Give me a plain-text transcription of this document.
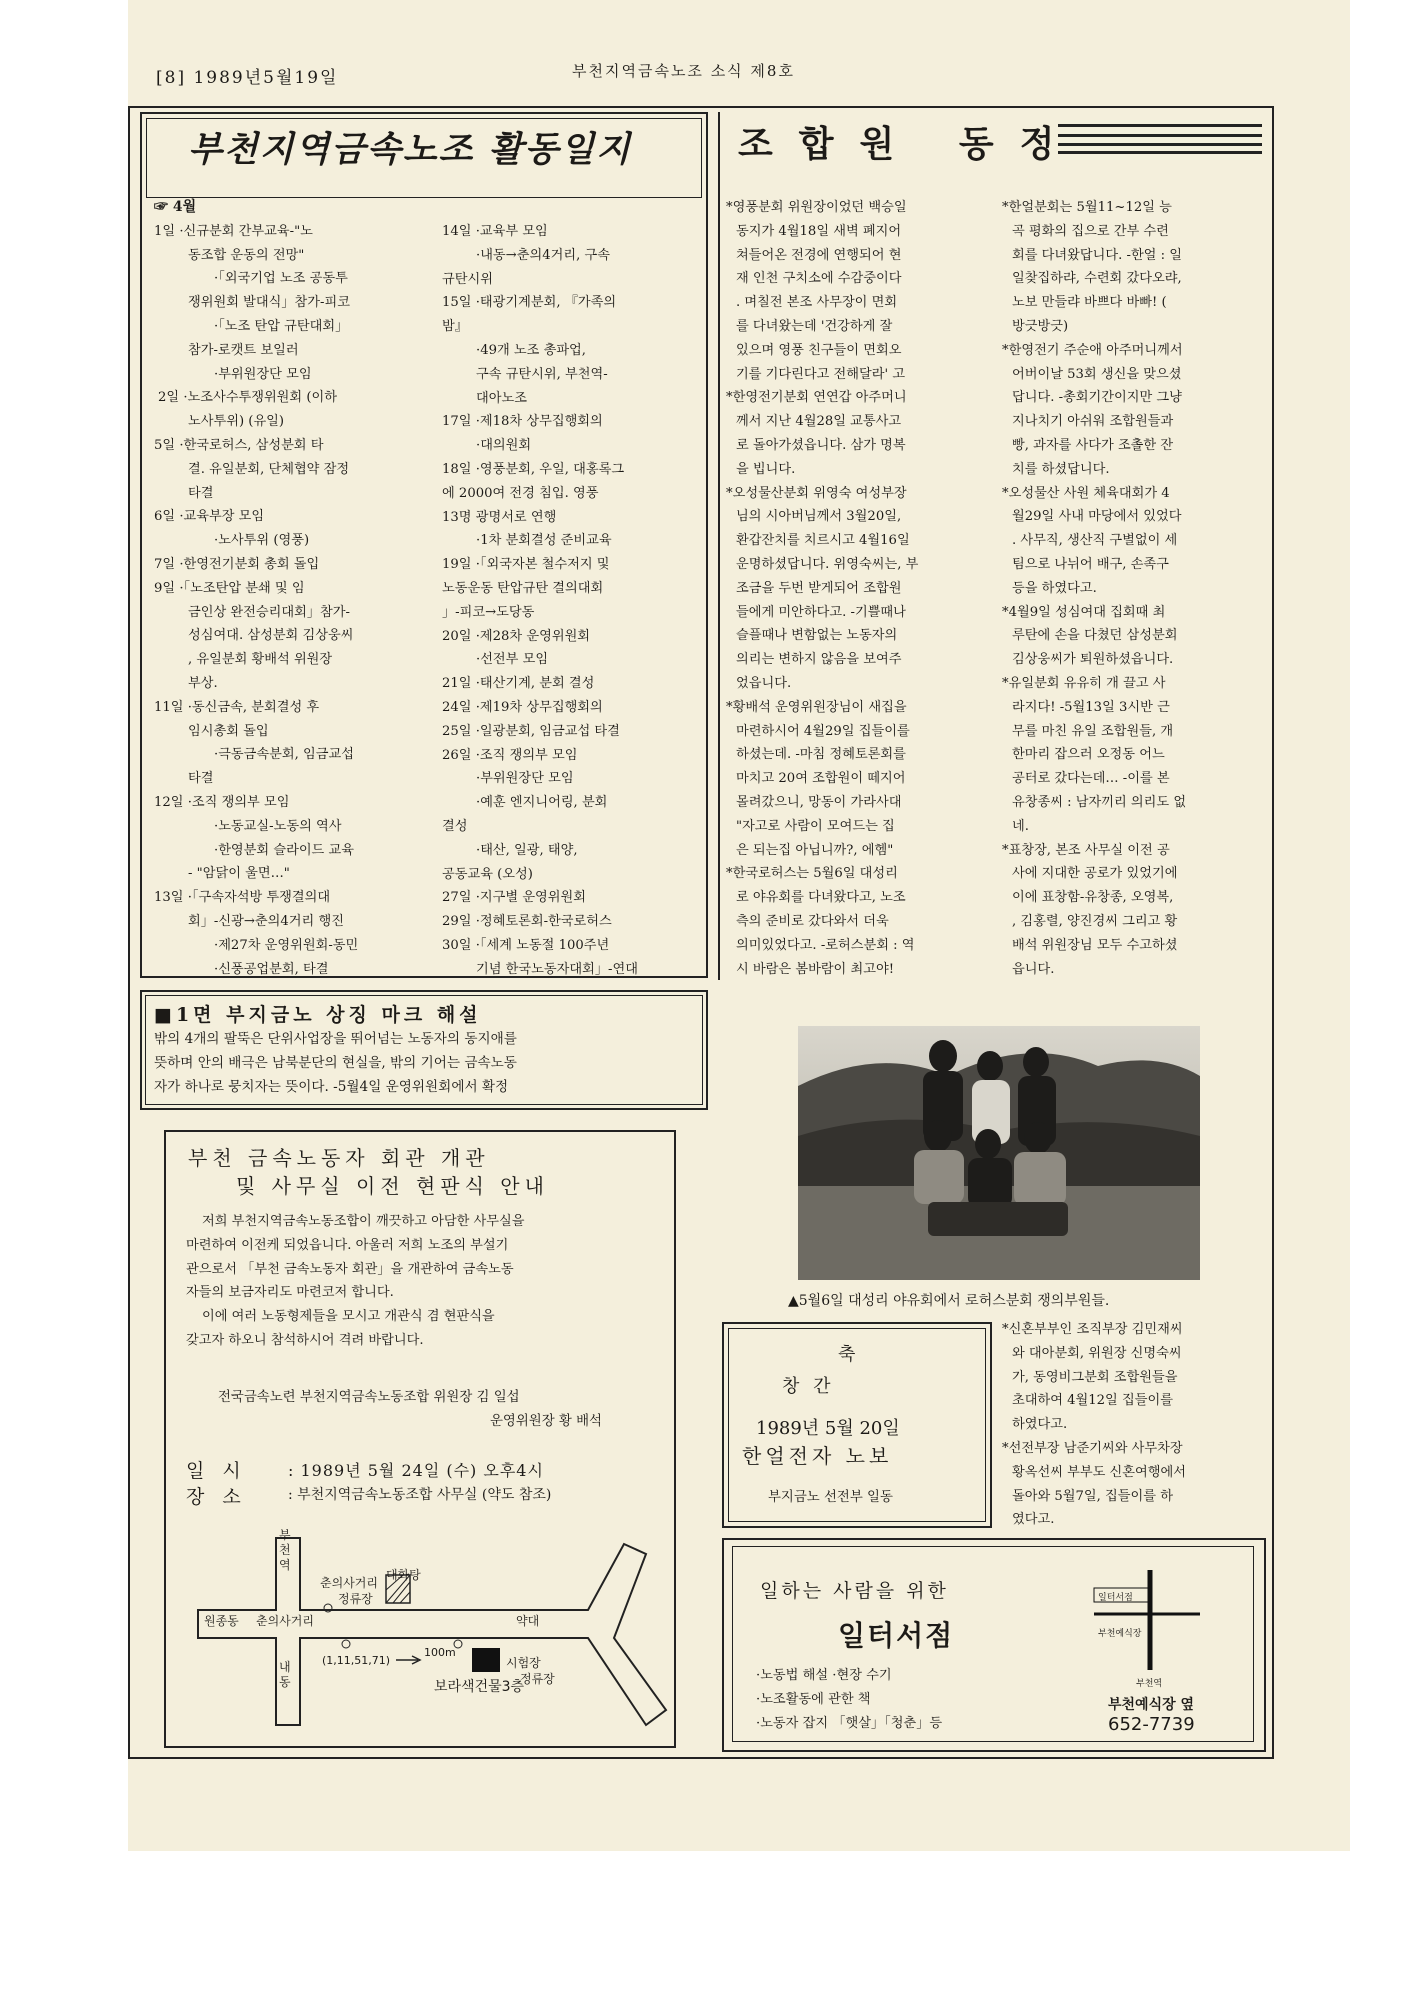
[8] 1989년5월19일	부천지역금속노조 소식 제8호
부천지역금속노조 활동일지
☞ 4월
1일 ·신규분회 간부교육-"노
동조합 운동의 전망"
·「외국기업 노조 공동투
쟁위원회 발대식」참가-피코
·「노조 탄압 규탄대회」
참가-로캣트 보일러
·부위원장단 모임
2일 ·노조사수투쟁위원회 (이하
노사투위) (유일)
5일 ·한국로허스, 삼성분회 타
결. 유일분회, 단체협약 잠정
타결
6일 ·교육부장 모임
·노사투위 (영풍)
7일 ·한영전기분회 총회 돌입
9일 ·「노조탄압 분쇄 및 임
금인상 완전승리대회」참가-
성심여대. 삼성분회 김상웅씨
, 유일분회 황배석 위원장
부상.
11일 ·동신금속, 분회결성 후
임시총회 돌입
·극동금속분회, 임금교섭
타결
12일 ·조직 쟁의부 모임
·노동교실-노동의 역사
·한영분회 슬라이드 교육
- "암닭이 울면…"
13일 ·「구속자석방 투쟁결의대
회」-신광→춘의4거리 행진
·제27차 운영위원회-동민
·신풍공업분회, 타결
14일 ·교육부 모임
·내동→춘의4거리, 구속
규탄시위
15일 ·태광기계분회, 『가족의
밤』
·49개 노조 총파업,
구속 규탄시위, 부천역-
대아노조
17일 ·제18차 상무집행회의
·대의원회
18일 ·영풍분회, 우일, 대홍록그
에 2000여 전경 침입. 영풍
13명 광명서로 연행
·1차 분회결성 준비교육
19일 ·「외국자본 철수저지 및
노동운동 탄압규탄 결의대회
」-피코→도당동
20일 ·제28차 운영위원회
·선전부 모임
21일 ·태산기계, 분회 결성
24일 ·제19차 상무집행회의
25일 ·일광분회, 임금교섭 타결
26일 ·조직 쟁의부 모임
·부위원장단 모임
·예훈 엔지니어링, 분회
결성
·태산, 일광, 태양,
공동교육 (오성)
27일 ·지구별 운영위원회
29일 ·정혜토론회-한국로허스
30일 ·「세계 노동절 100주년
기념 한국노동자대회」-연대
■1면 부지금노 상징 마크 해설
밖의 4개의 팔뚝은 단위사업장을 뛰어넘는 노동자의 동지애를
뜻하며 안의 배극은 남북분단의 현실을, 밖의 기어는 금속노동
자가 하나로 뭉치자는 뜻이다. -5월4일 운영위원회에서 확정
부천 금속노동자 회관 개관
및 사무실 이전 현판식 안내
저희 부천지역금속노동조합이 깨끗하고 아담한 사무실을
마련하여 이전케 되었읍니다. 아울러 저희 노조의 부설기
관으로서 「부천 금속노동자 회관」을 개관하여 금속노동
자들의 보금자리도 마련코저 합니다.
이에 여러 노동형제들을 모시고 개관식 겸 현판식을
갖고자 하오니 참석하시어 격려 바랍니다.
전국금속노련 부천지역금속노동조합 위원장 김 일섭
운영위원장 황 배석
일 시	: 1989년 5월 24일 (수) 오후4시
장 소	: 부천지역금속노동조합 사무실 (약도 참조)
부천역
춘의사거리
정류장
대화탕
원종동 춘의사거리	약대
(1,11,51,71)
100m
시험장
정류장
보라색건물3층
내동
조합원 동정
*영풍분회 위원장이었던 백승일
동지가 4월18일 새벽 폐지어
쳐들어온 전경에 연행되어 현
재 인천 구치소에 수감중이다
. 며칠전 본조 사무장이 면회
를 다녀왔는데 '건강하게 잘
있으며 영풍 친구들이 면회오
기를 기다린다고 전해달라' 고
*한영전기분회 연연갑 아주머니
께서 지난 4월28일 교통사고
로 돌아가셨읍니다. 삼가 명복
을 빕니다.
*오성물산분회 위영숙 여성부장
님의 시아버님께서 3월20일,
환갑잔치를 치르시고 4월16일
운명하셨답니다. 위영숙씨는, 부
조금을 두번 받게되어 조합원
들에게 미안하다고. -기쁠때나
슬플때나 변함없는 노동자의
의리는 변하지 않음을 보여주
었읍니다.
*황배석 운영위원장님이 새집을
마련하시어 4월29일 집들이를
하셨는데. -마침 정혜토론회를
마치고 20여 조합원이 떼지어
몰려갔으니, 망동이 가라사대
"자고로 사람이 모여드는 집
은 되는집 아닙니까?, 에헴"
*한국로허스는 5월6일 대성리
로 야유회를 다녀왔다고, 노조
측의 준비로 갔다와서 더욱
의미있었다고. -로허스분회 : 역
시 바람은 봄바람이 최고야!
*한얼분회는 5월11~12일 능
곡 평화의 집으로 간부 수련
회를 다녀왔답니다. -한얼 : 일
일찾집하랴, 수련회 갔다오랴,
노보 만들랴 바쁘다 바빠! (
방긋방긋)
*한영전기 주순애 아주머니께서
어버이날 53회 생신을 맞으셨
답니다. -총회기간이지만 그냥
지나치기 아쉬워 조합원들과
빵, 과자를 사다가 조촐한 잔
치를 하셨답니다.
*오성물산 사원 체육대회가 4
월29일 사내 마당에서 있었다
. 사무직, 생산직 구별없이 세
팀으로 나뉘어 배구, 손족구
등을 하였다고.
*4월9일 성심여대 집회때 최
루탄에 손을 다쳤던 삼성분회
김상웅씨가 퇴원하셨읍니다.
*유일분회 유유히 개 끌고 사
라지다! -5월13일 3시반 근
무를 마친 유일 조합원들, 개
한마리 잡으러 오정동 어느
공터로 갔다는데… -이를 본
유창종씨 : 남자끼리 의리도 없
네.
*표창장, 본조 사무실 이전 공
사에 지대한 공로가 있었기에
이에 표창함-유창종, 오영복,
, 김홍렬, 양진경씨 그리고 황
배석 위원장님 모두 수고하셨
읍니다.
▲5월6일 대성리 야유회에서 로허스분회 쟁의부원들.
축
창 간
1989년 5월 20일
한얼전자 노보
부지금노 선전부 일동
*신혼부부인 조직부장 김민재씨
와 대아분회, 위원장 신명숙씨
가, 동영비그분회 조합원들을
초대하여 4월12일 집들이를
하였다고.
*선전부장 남준기씨와 사무차장
황옥선씨 부부도 신혼여행에서
돌아와 5월7일, 집들이를 하
였다고.
일하는 사람을 위한
일터서점
·노동법 해설 ·현장 수기
·노조활동에 관한 책
·노동자 잡지 「햇살」「청춘」등
일터서점
부천예식장
부천역
부천예식장 옆
652-7739
